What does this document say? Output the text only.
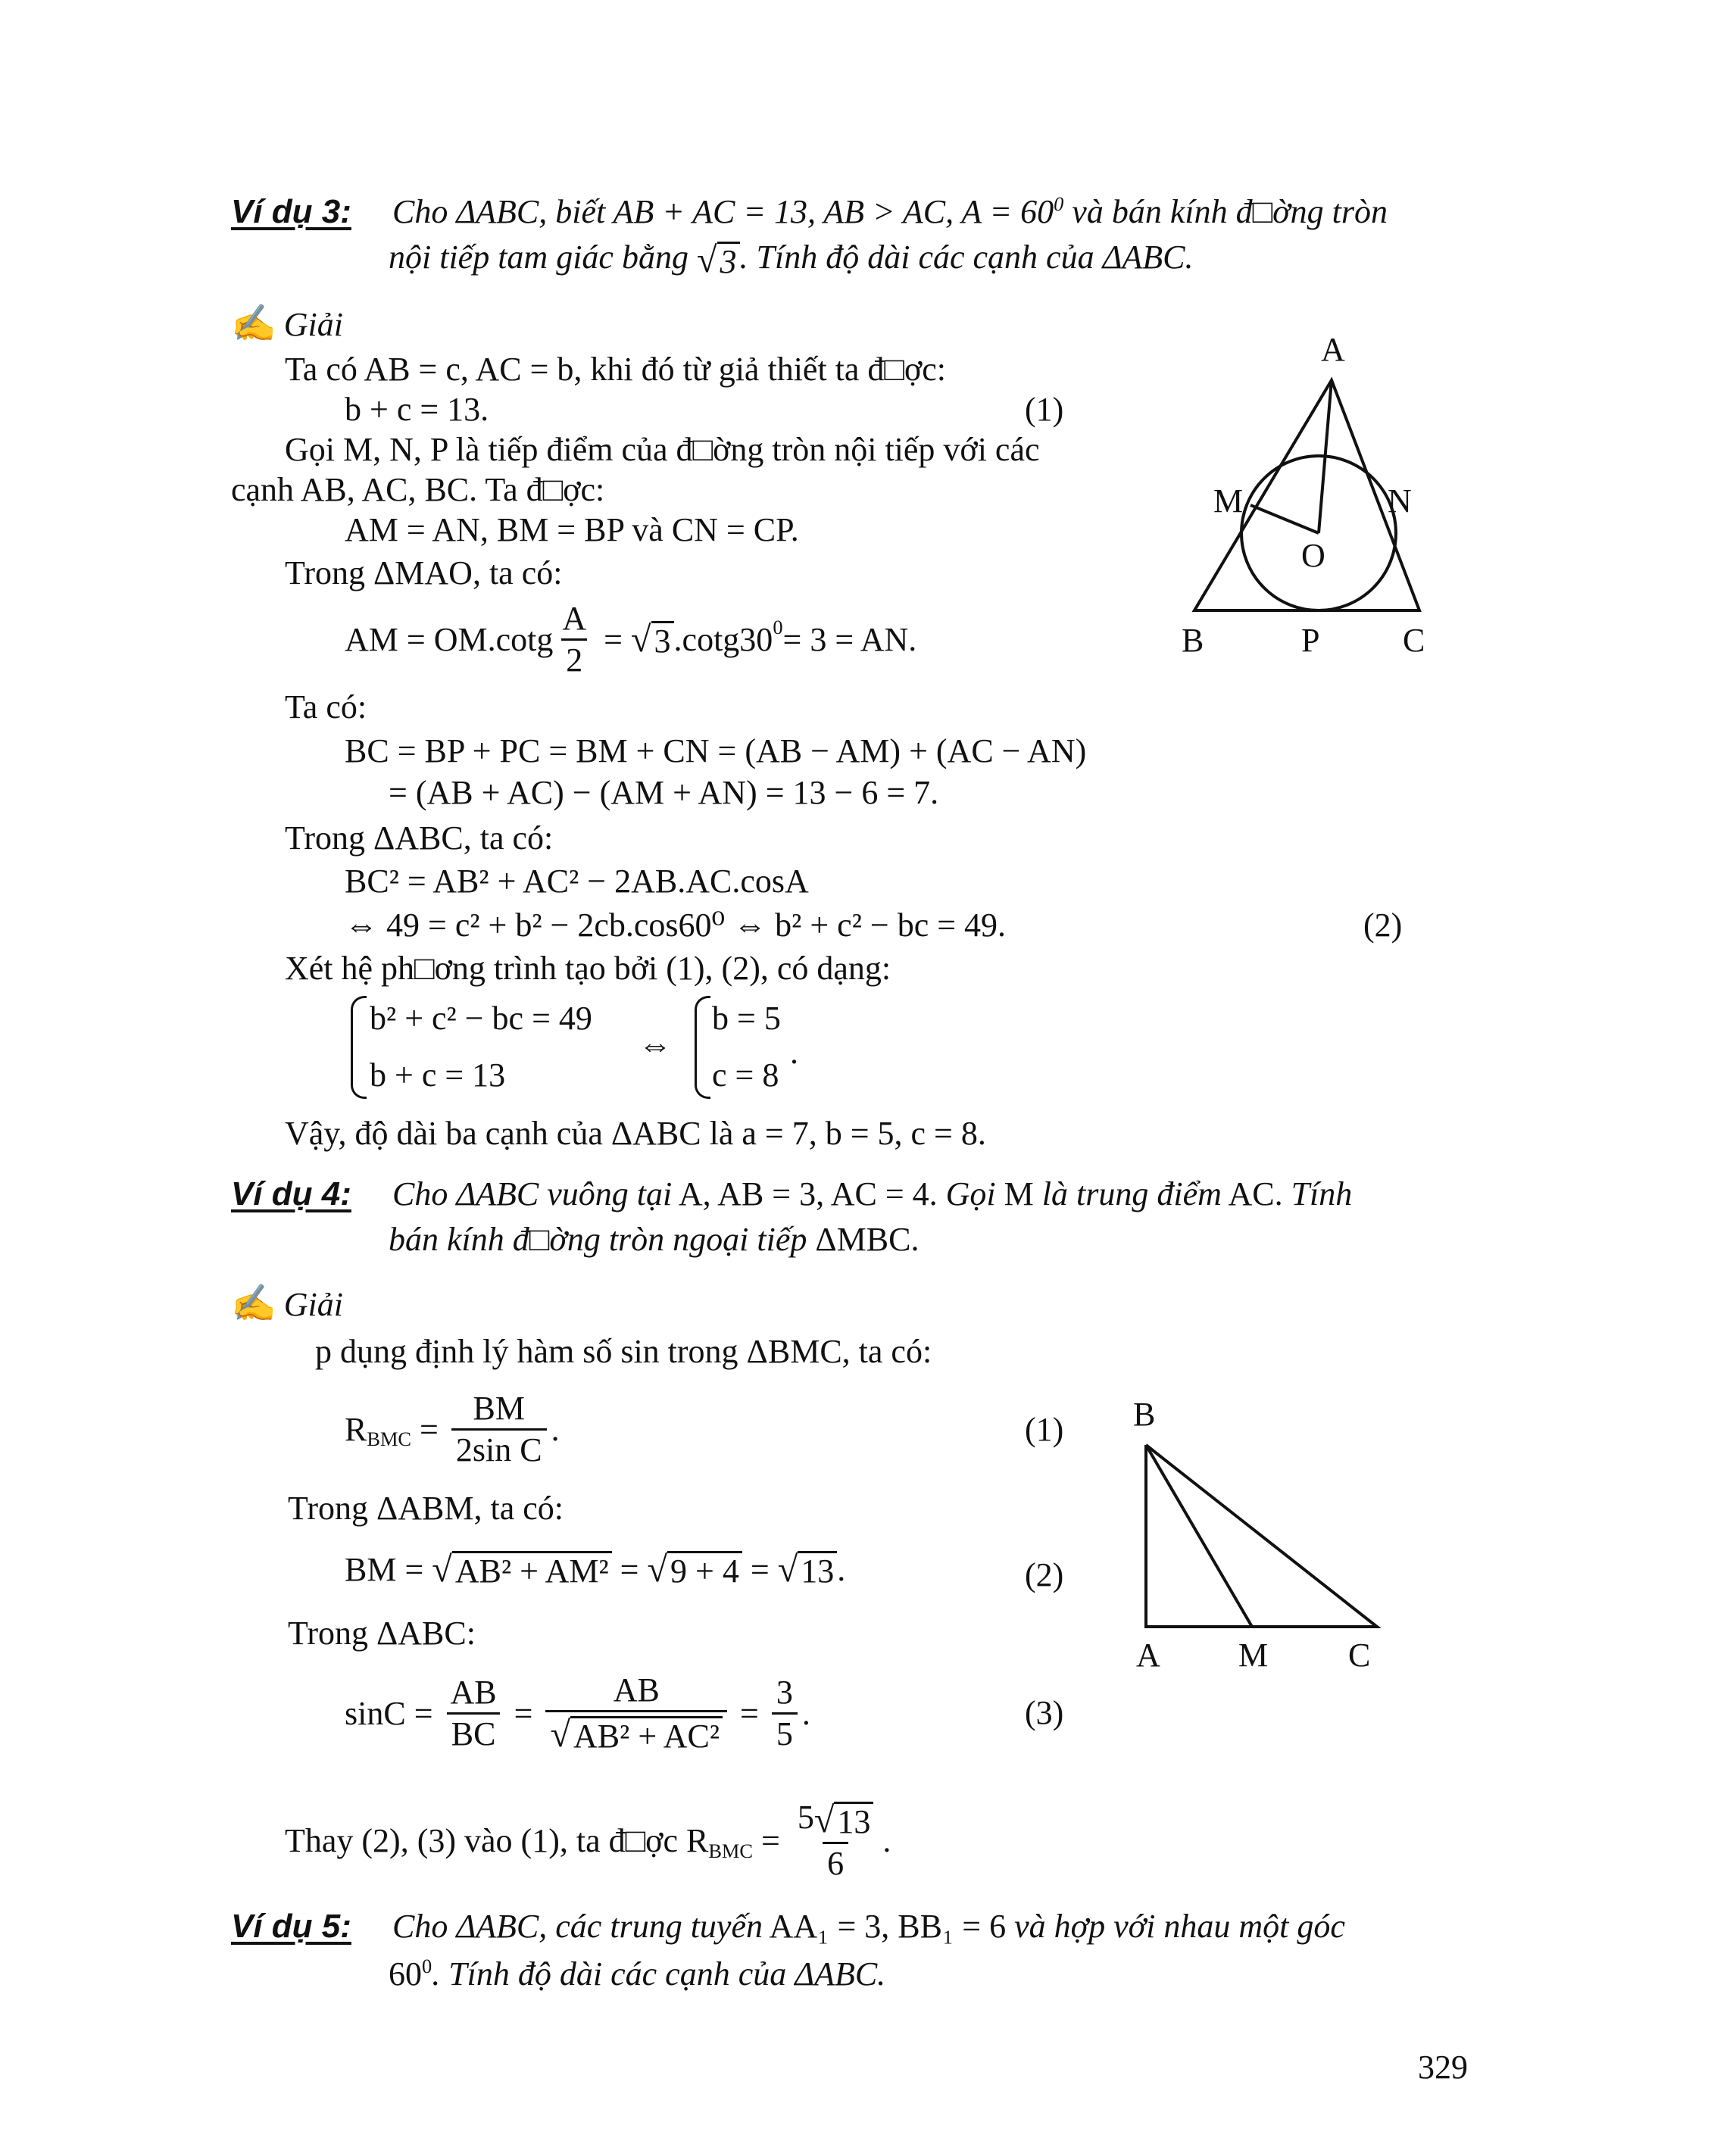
Ví dụ 3: Cho ΔABC, biết AB + AC = 13, AB > AC, $A = 60^0$ và bán kính đ□ờng tròn
nội tiếp tam giác bằng √ 3 . Tính độ dài các cạnh của ΔABC.
✍ Giải
Ta có AB = c, AC = b, khi đó từ giả thiết ta đ□ợc:
b + c = 13.	(1)
Gọi M, N, P là tiếp điểm của đ□ờng tròn nội tiếp với các
cạnh AB, AC, BC. Ta đ□ợc:
AM = AN, BM = BP và CN = CP.
Trong ΔMAO, ta có:
AM = $OM.\cot g \frac{A}{2}$ = √ 3 $.\cot g30^0 = 3$ = AN.
Ta có:
BC = BP + PC = BM + CN = (AB − AM) + (AC − AN)
= (AB + AC) − (AM + AN) = 13 − 6 = 7.
Trong ΔABC, ta có:
BC² = AB² + AC² − 2AB.AC.cosA
⇔ 49 = c² + b² − 2cb.cos60⁰ ⇔ b² + c² − bc = 49.	(2)
Xét hệ ph□ơng trình tạo bởi (1), (2), có dạng:
b² + c² − bc = 49
b + c = 13
⇔
b = 5
c = 8
.
Vậy, độ dài ba cạnh của ΔABC là a = 7, b = 5, c = 8.
A
B	C
M	N
O
P
Ví dụ 4: Cho ΔABC vuông tại A, AB = 3, AC = 4. Gọi M là trung điểm AC. Tính
bán kính đ□ờng tròn ngoại tiếp ΔMBC.
✍ Giải
p dụng định lý hàm số sin trong ΔBMC, ta có:
$R_{BMC} = \frac{BM}{\text{2sin C}}$ .	(1)
Trong ΔABM, ta có:
BM = √ AB² + AM² = √ 9 + 4 = √ 13 .	(2)
Trong ΔABC:
$\sin C = \frac{AB}{BC} = \frac{AB}{\text{√ AB² + AC²}} = \frac{3}{5}$ .	(3)
Thay (2), (3) vào (1), ta đ□ợc $R_{BMC} = \frac{5 √ 13}{6}$ .
B
A M C
Ví dụ 5: Cho ΔABC, các trung tuyến AA₁ = 3, BB₁ = 6 và hợp với nhau một góc
$60^0$. Tính độ dài các cạnh của ΔABC.
329
